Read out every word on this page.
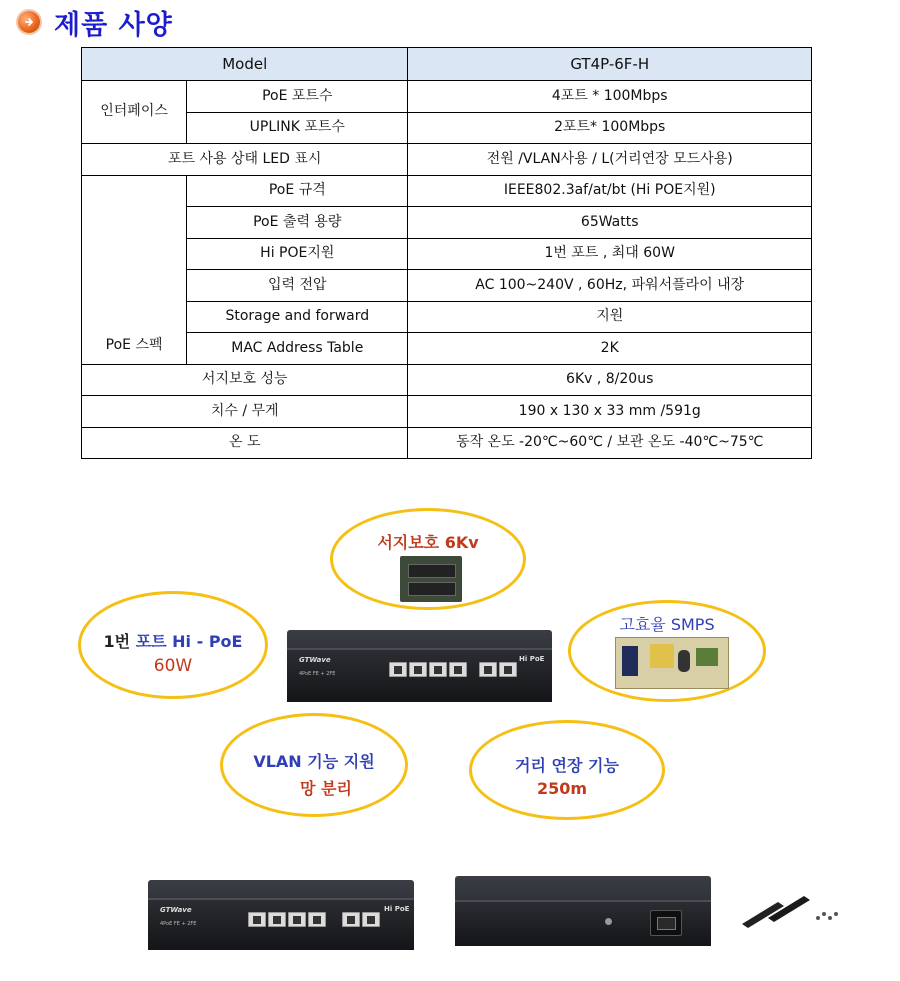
제품 사양
Model		GT4P-6F-H
인터페이스	PoE 포트수	4포트 * 100Mbps
	UPLINK 포트수	2포트* 100Mbps
포트 사용 상태 LED 표시		전원 /VLAN사용 / L(거리연장 모드사용)
PoE 스펙	PoE 규격	IEEE802.3af/at/bt (Hi POE지원)
	PoE 출력 용량	65Watts
	Hi POE지원	1번 포트 , 최대 60W
	입력 전압	AC 100~240V , 60Hz, 파워서플라이 내장
	Storage and forward	지원
	MAC Address Table	2K
서지보호 성능		6Kv , 8/20us
치수 / 무게		190 x 130 x 33 mm /591g
온 도		동작 온도 -20℃~60℃ / 보관 온도 -40℃~75℃
서지보호 6Kv
1번 포트 Hi - PoE
60W
고효율 SMPS
VLAN 기능 지원
망 분리
거리 연장 기능
250m
GTWave	Hi PoE
4PoE FE + 2FE
GTWave	Hi PoE
4PoE FE + 2FE
